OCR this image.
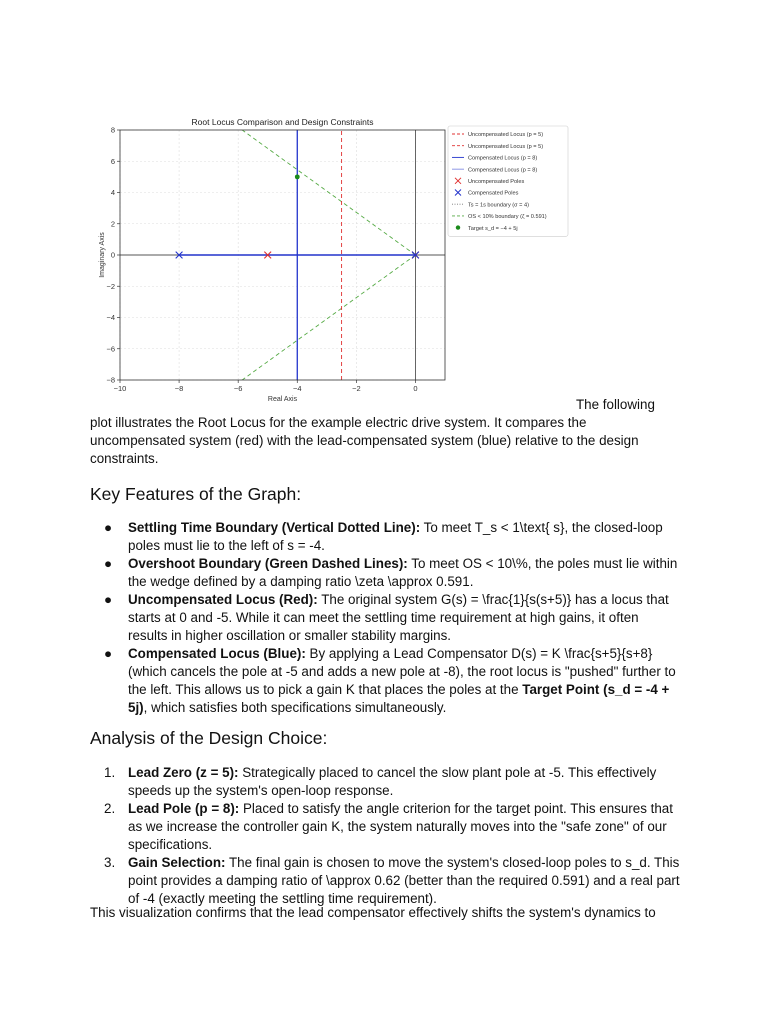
−10	−8	−6	−4	−2	0
−8
−6
−4
−2
0
2
4
6
8
Root Locus Comparison and Design Constraints
Real Axis
Imaginary Axis
Uncompensated Locus (p = 5)
Uncompensated Locus (p = 5)
Compensated Locus (p = 8)
Compensated Locus (p = 8)
Uncompensated Poles
Compensated Poles
Ts = 1s boundary (σ = 4)
OS < 10% boundary (ζ = 0.591)
Target s_d = −4 + 5j

The following

plot illustrates the Root Locus for the example electric drive system. It compares the uncompensated system (red) with the lead-compensated system (blue) relative to the design constraints.

Key Features of the Graph:
● Settling Time Boundary (Vertical Dotted Line): To meet T_s < 1\text{ s}, the closed-loop poles must lie to the left of s = -4.
● Overshoot Boundary (Green Dashed Lines): To meet OS < 10\%, the poles must lie within the wedge defined by a damping ratio \zeta \approx 0.591.
● Uncompensated Locus (Red): The original system G(s) = \frac{1}{s(s+5)} has a locus that starts at 0 and -5. While it can meet the settling time requirement at high gains, it often results in higher oscillation or smaller stability margins.
● Compensated Locus (Blue): By applying a Lead Compensator D(s) = K \frac{s+5}{s+8} (which cancels the pole at -5 and adds a new pole at -8), the root locus is "pushed" further to the left. This allows us to pick a gain K that places the poles at the Target Point (s_d = -4 + 5j), which satisfies both specifications simultaneously.
Analysis of the Design Choice:
1. Lead Zero (z = 5): Strategically placed to cancel the slow plant pole at -5. This effectively speeds up the system's open-loop response.
2. Lead Pole (p = 8): Placed to satisfy the angle criterion for the target point. This ensures that as we increase the controller gain K, the system naturally moves into the "safe zone" of our specifications.
3. Gain Selection: The final gain is chosen to move the system's closed-loop poles to s_d. This point provides a damping ratio of \approx 0.62 (better than the required 0.591) and a real part of -4 (exactly meeting the settling time requirement).

This visualization confirms that the lead compensator effectively shifts the system's dynamics to
